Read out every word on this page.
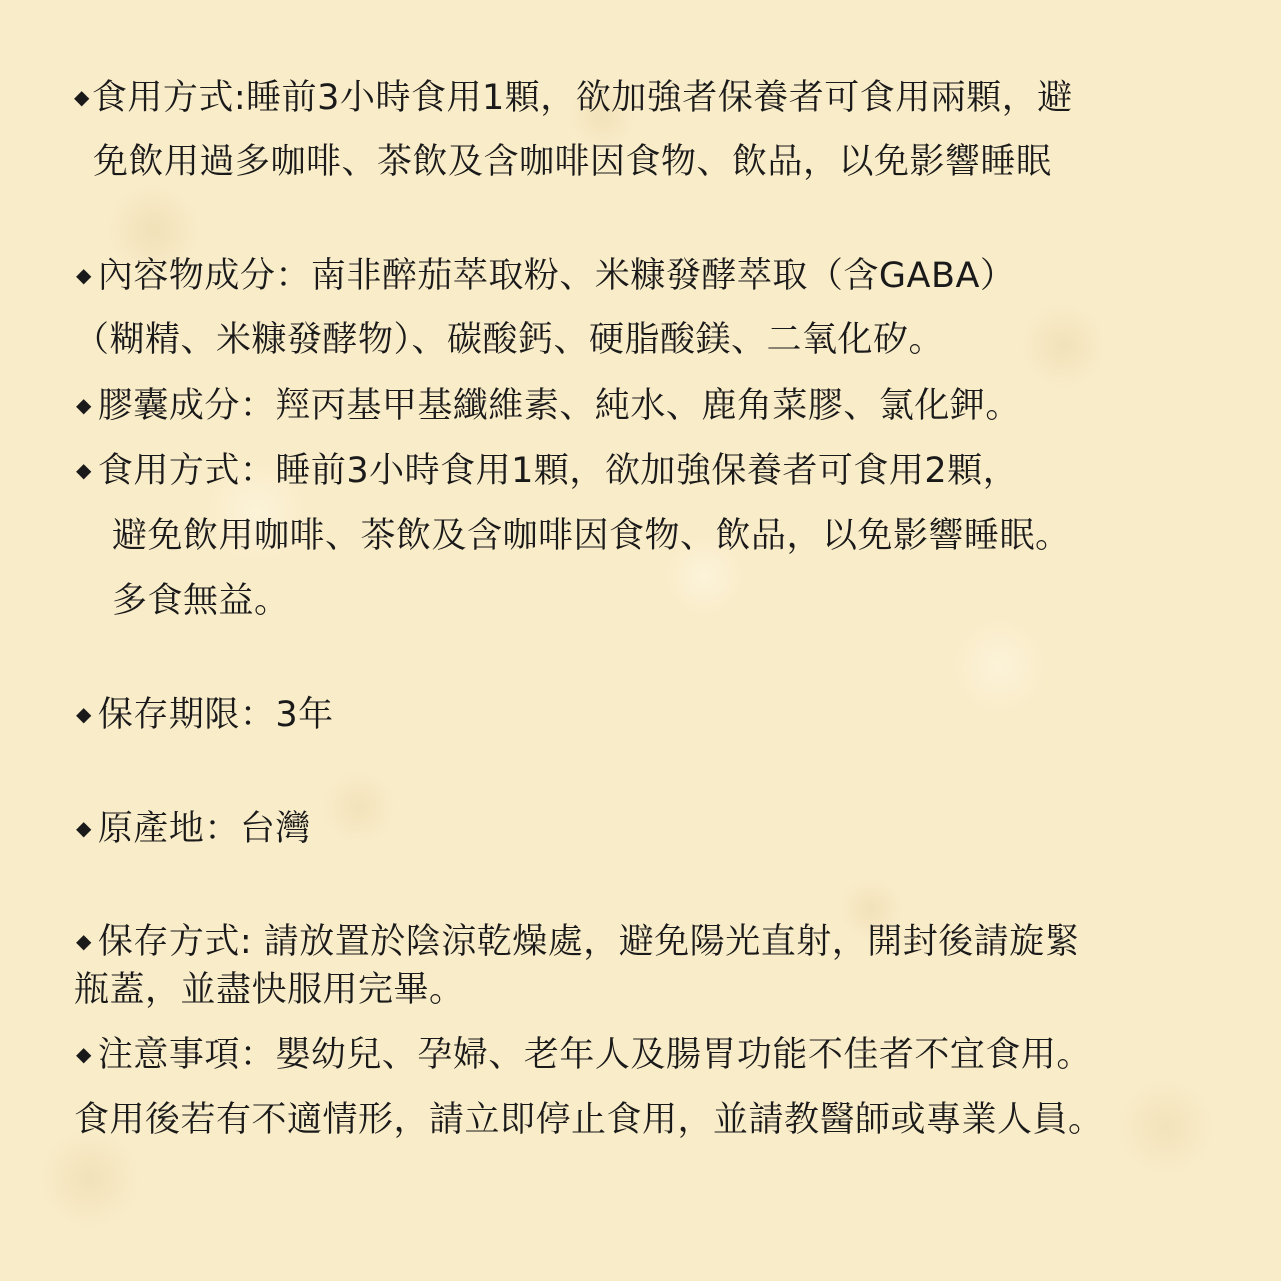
◆食用方式:睡前3小時食用1顆，欲加強者保養者可食用兩顆，避
免飲用過多咖啡、茶飲及含咖啡因食物、飲品，以免影響睡眠
◆ 內容物成分：南非醉茄萃取粉、米糠發酵萃取（含GABA）
（糊精、米糠發酵物）、碳酸鈣、硬脂酸鎂、二氧化矽。
◆ 膠囊成分：羥丙基甲基纖維素、純水、鹿角菜膠、氯化鉀。
◆ 食用方式：睡前3小時食用1顆，欲加強保養者可食用2顆，
避免飲用咖啡、茶飲及含咖啡因食物、飲品，以免影響睡眠。
多食無益。
◆ 保存期限：3年
◆ 原產地：台灣
◆ 保存方式: 請放置於陰涼乾燥處，避免陽光直射，開封後請旋緊
瓶蓋，並盡快服用完畢。
◆ 注意事項：嬰幼兒、孕婦、老年人及腸胃功能不佳者不宜食用。
食用後若有不適情形，請立即停止食用，並請教醫師或專業人員。
